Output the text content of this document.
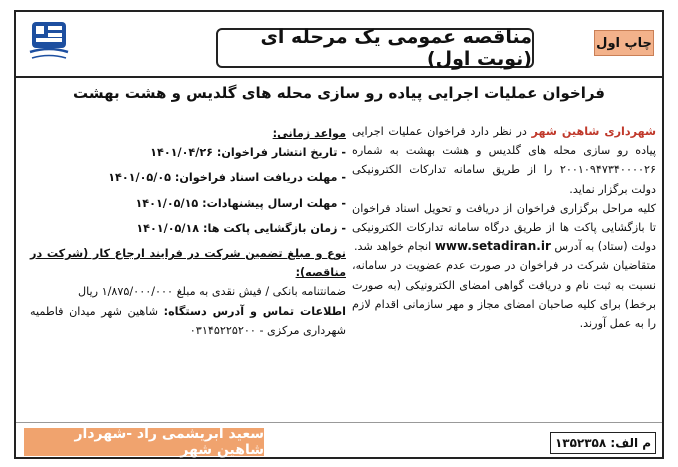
مناقصه عمومی یک مرحله ای (نوبت اول)
چاپ اول
فراخوان عملیات اجرایی پیاده رو سازی محله های گلدیس و هشت بهشت

شهرداری شاهین شهر در نظر دارد فراخوان عملیات اجرایی پیاده رو سازی محله های گلدیس و هشت بهشت به شماره ۲۰۰۱۰۹۴۷۳۴۰۰۰۰۲۶ را از طریق سامانه تدارکات الکترونیکی دولت برگزار نماید.

کلیه مراحل برگزاری فراخوان از دریافت و تحویل اسناد فراخوان تا بازگشایی پاکت ها از طریق درگاه سامانه تدارکات الکترونیکی دولت (ستاد) به آدرس www.setadiran.ir انجام خواهد شد.

متقاضیان شرکت در فراخوان در صورت عدم عضویت در سامانه، نسبت به ثبت نام و دریافت گواهی امضای الکترونیکی (به صورت برخط) برای کلیه صاحبان امضای مجاز و مهر سازمانی اقدام لازم را به عمل آورند.

مواعد زمانی:

- تاریخ انتشار فراخوان: ۱۴۰۱/۰۴/۲۶
- مهلت دریافت اسناد فراخوان: ۱۴۰۱/۰۵/۰۵
- مهلت ارسال پیشنهادات: ۱۴۰۱/۰۵/۱۵
- زمان بازگشایی پاکت ها: ۱۴۰۱/۰۵/۱۸

نوع و مبلغ تضمین شرکت در فرایند ارجاع کار (شرکت در مناقصه):

ضمانتنامه بانکی / فیش نقدی به مبلغ ۱/۸۷۵/۰۰۰/۰۰۰ ریال

اطلاعات تماس و آدرس دستگاه: شاهین شهر میدان فاطمیه شهرداری مرکزی - ۰۳۱۴۵۲۲۵۲۰۰

سعید ابریشمی راد -شهردار شاهین شهر	م الف: ۱۳۵۲۳۵۸
